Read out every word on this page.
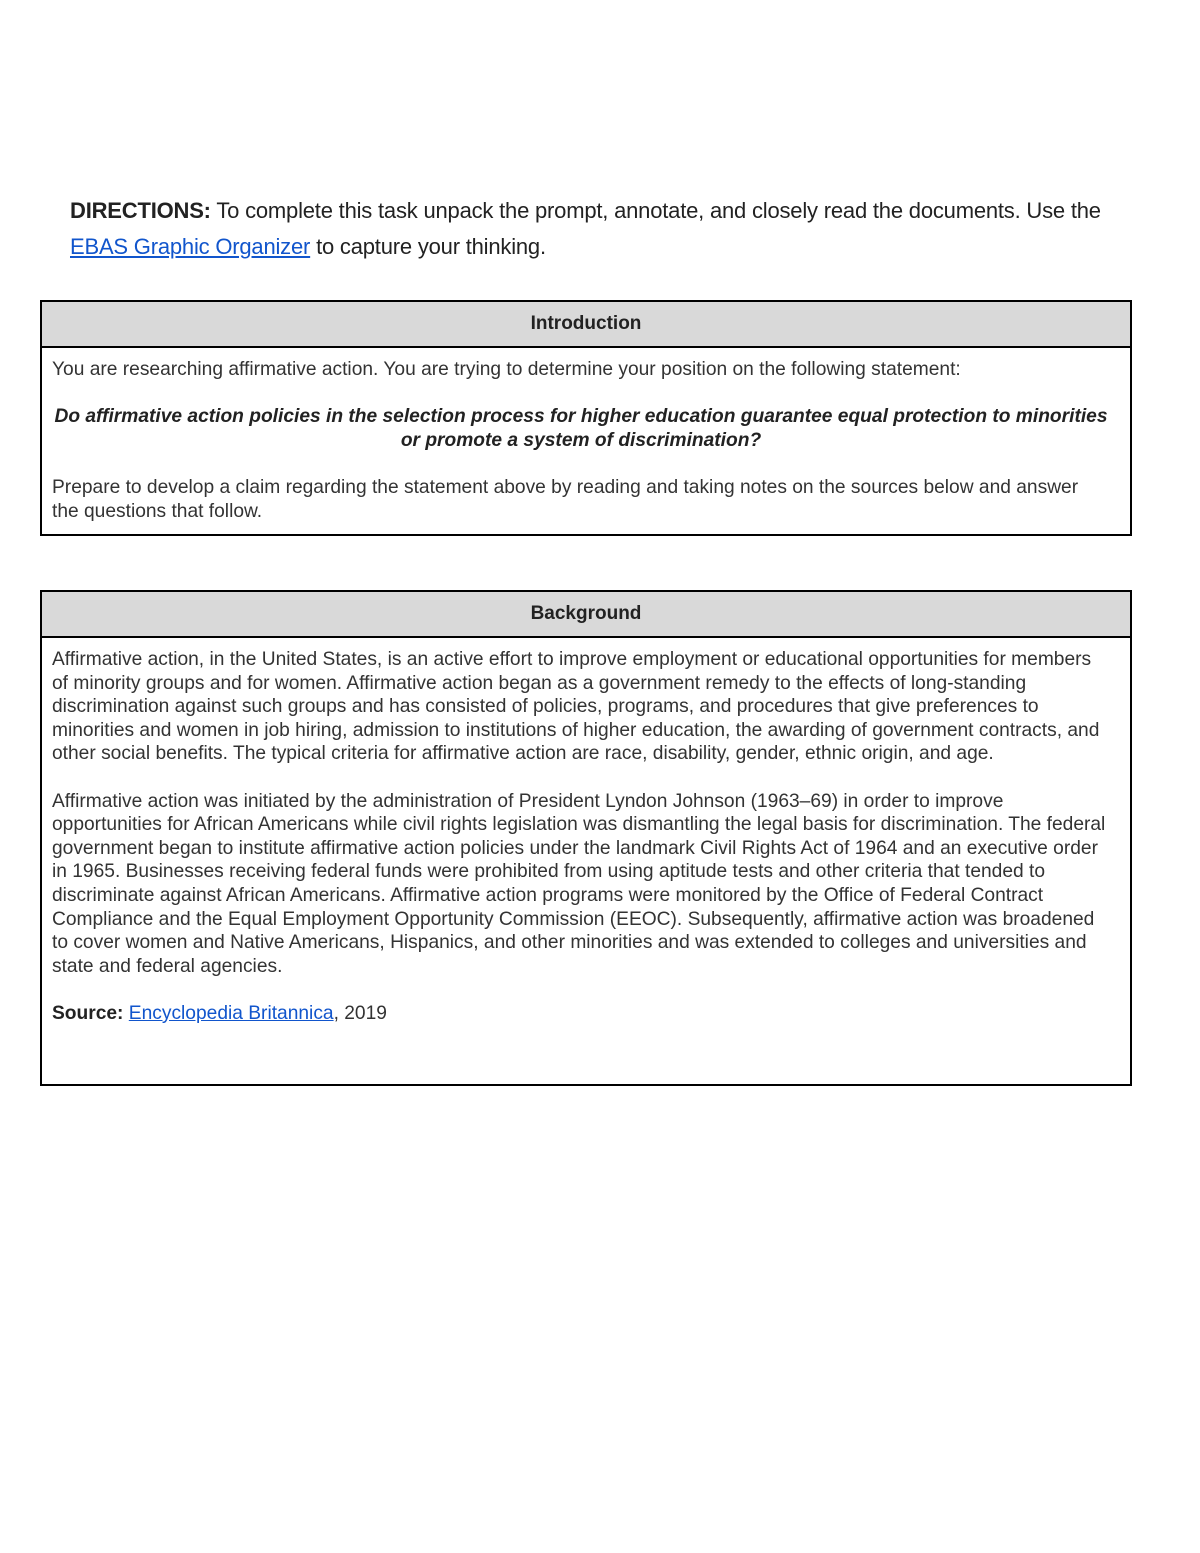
DIRECTIONS: To complete this task unpack the prompt, annotate, and closely read the documents. Use the EBAS Graphic Organizer to capture your thinking.
Introduction

You are researching affirmative action. You are trying to determine your position on the following statement:

Do affirmative action policies in the selection process for higher education guarantee equal protection to minorities or promote a system of discrimination?

Prepare to develop a claim regarding the statement above by reading and taking notes on the sources below and answer the questions that follow.

Background

Affirmative action, in the United States, is an active effort to improve employment or educational opportunities for members of minority groups and for women. Affirmative action began as a government remedy to the effects of long-standing discrimination against such groups and has consisted of policies, programs, and procedures that give preferences to minorities and women in job hiring, admission to institutions of higher education, the awarding of government contracts, and other social benefits. The typical criteria for affirmative action are race, disability, gender, ethnic origin, and age.

Affirmative action was initiated by the administration of President Lyndon Johnson (1963–69) in order to improve opportunities for African Americans while civil rights legislation was dismantling the legal basis for discrimination. The federal government began to institute affirmative action policies under the landmark Civil Rights Act of 1964 and an executive order in 1965. Businesses receiving federal funds were prohibited from using aptitude tests and other criteria that tended to discriminate against African Americans. Affirmative action programs were monitored by the Office of Federal Contract Compliance and the Equal Employment Opportunity Commission (EEOC). Subsequently, affirmative action was broadened to cover women and Native Americans, Hispanics, and other minorities and was extended to colleges and universities and state and federal agencies.

Source: Encyclopedia Britannica, 2019
